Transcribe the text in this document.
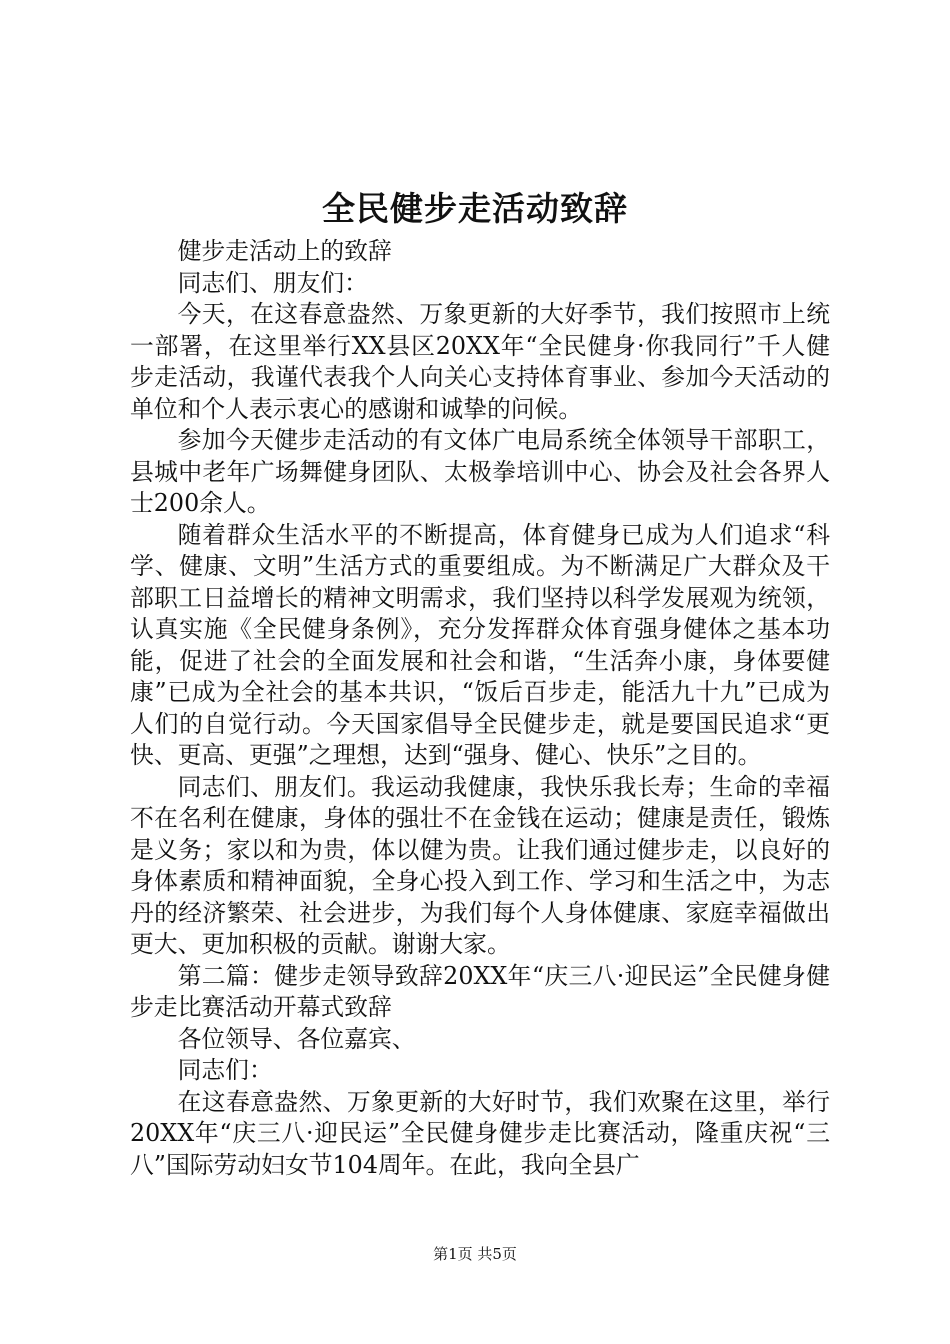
全民健步走活动致辞

健步走活动上的致辞

同志们、朋友们：

今天，在这春意盎然、万象更新的大好季节，我们按照市上统一部署，在这里举行XX县区20XX年“全民健身·你我同行”千人健步走活动，我谨代表我个人向关心支持体育事业、参加今天活动的单位和个人表示衷心的感谢和诚挚的问候。

参加今天健步走活动的有文体广电局系统全体领导干部职工，县城中老年广场舞健身团队、太极拳培训中心、协会及社会各界人士200余人。

随着群众生活水平的不断提高，体育健身已成为人们追求“科学、健康、文明”生活方式的重要组成。为不断满足广大群众及干部职工日益增长的精神文明需求，我们坚持以科学发展观为统领，认真实施《全民健身条例》，充分发挥群众体育强身健体之基本功能，促进了社会的全面发展和社会和谐，“生活奔小康，身体要健康”已成为全社会的基本共识，“饭后百步走，能活九十九”已成为人们的自觉行动。今天国家倡导全民健步走，就是要国民追求“更快、更高、更强”之理想，达到“强身、健心、快乐”之目的。

同志们、朋友们。我运动我健康，我快乐我长寿；生命的幸福不在名利在健康，身体的强壮不在金钱在运动；健康是责任，锻炼是义务；家以和为贵，体以健为贵。让我们通过健步走，以良好的身体素质和精神面貌，全身心投入到工作、学习和生活之中，为志丹的经济繁荣、社会进步，为我们每个人身体健康、家庭幸福做出更大、更加积极的贡献。谢谢大家。

第二篇：健步走领导致辞20XX年“庆三八·迎民运”全民健身健步走比赛活动开幕式致辞

各位领导、各位嘉宾、

同志们：

在这春意盎然、万象更新的大好时节，我们欢聚在这里，举行20XX年“庆三八·迎民运”全民健身健步走比赛活动，隆重庆祝“三八”国际劳动妇女节104周年。在此，我向全县广

第1页 共5页
